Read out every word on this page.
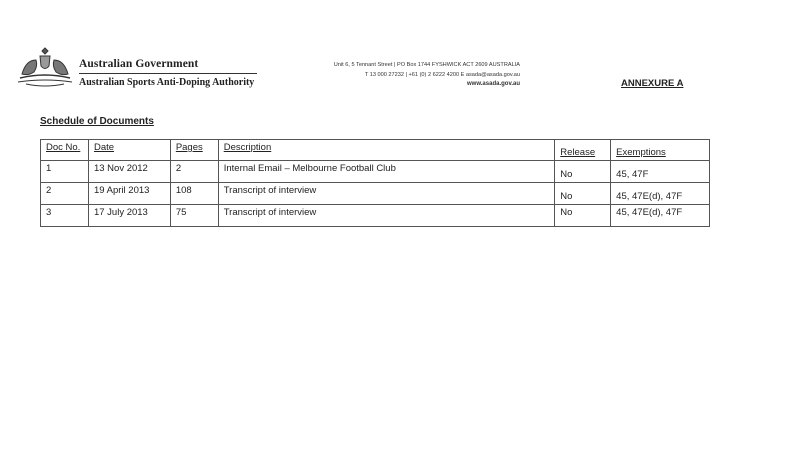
Australian Government
Australian Sports Anti-Doping Authority
Unit 6, 5 Tennant Street | PO Box 1744 FYSHWICK ACT 2609 AUSTRALIA
T 13 000 27232 | +61 (0) 2 6222 4200 E asada@asada.gov.au
www.asada.gov.au	ANNEXURE A
Schedule of Documents
Doc No.	Date	Pages	Description	Release	Exemptions
1	13 Nov 2012	2	Internal Email – Melbourne Football Club	No	45, 47F
2	19 April 2013	108	Transcript of interview	No	45, 47E(d), 47F
3	17 July 2013	75	Transcript of interview	No	45, 47E(d), 47F
